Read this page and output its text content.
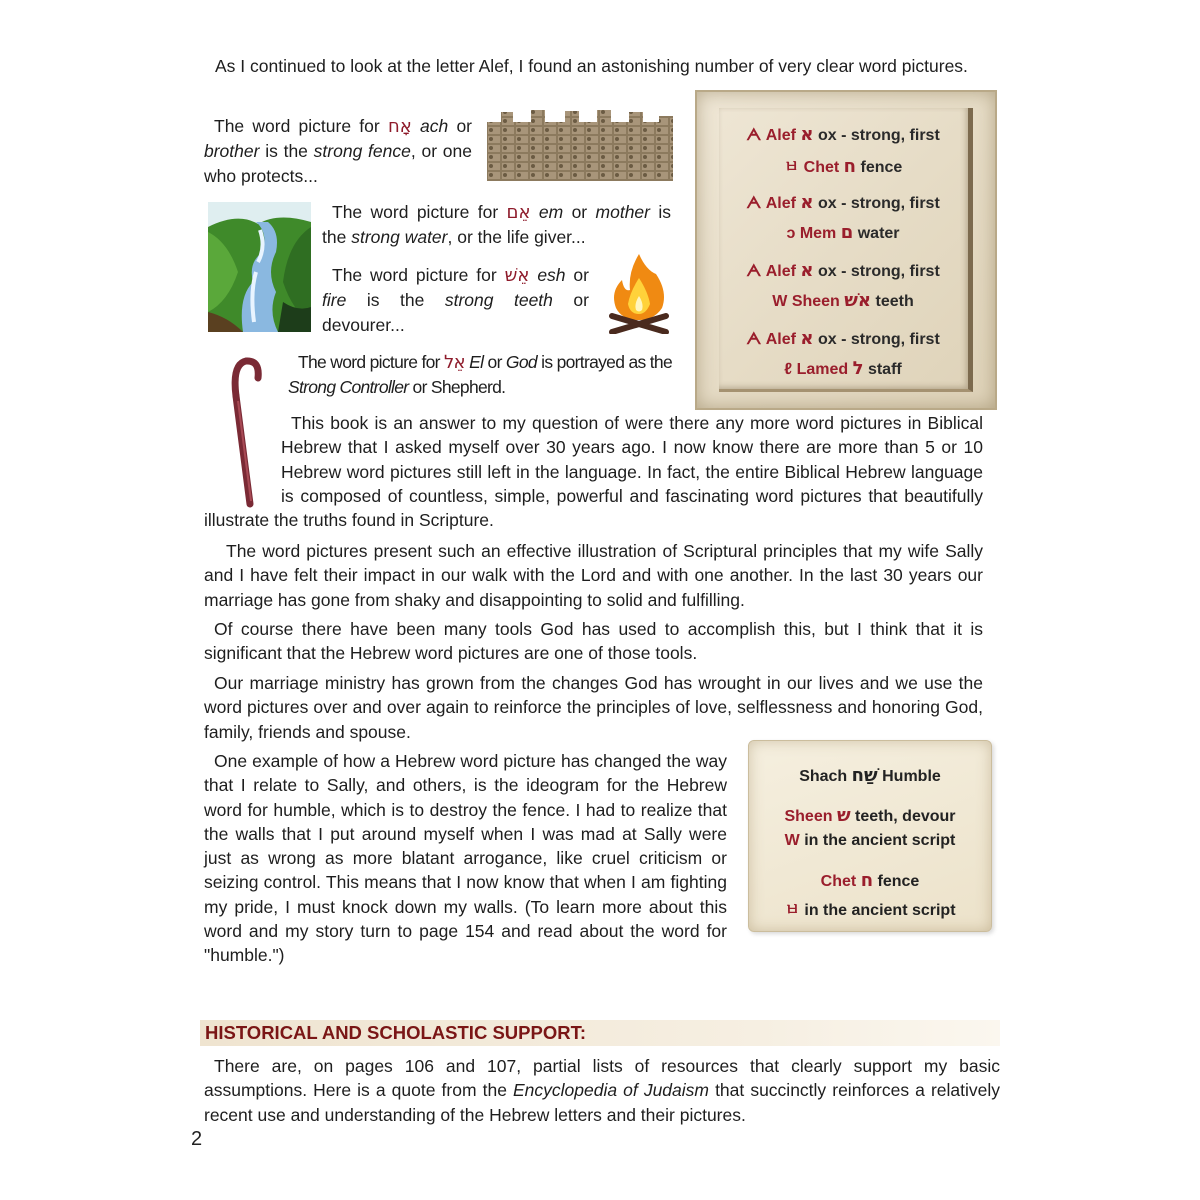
As I continued to look at the letter Alef, I found an astonishing number of very clear word pictures.
The word picture for אָח ach or brother is the strong fence, or one who protects...
ᗅ Alef א ox - strong, first
ㅂ Chet ח fence
ᗅ Alef א ox - strong, first
ɔ Mem ם water
ᗅ Alef א ox - strong, first
W Sheen אשׁ teeth
ᗅ Alef א ox - strong, first
ℓ Lamed ל staff
The word picture for אֵם em or mother is the strong water, or the life giver...
The word picture for אֵשׁ esh or fire is the strong teeth or devourer...
The word picture for אֵל El or God is portrayed as the Strong Controller or Shepherd.
This book is an answer to my question of were there any more word pictures in Biblical Hebrew that I asked myself over 30 years ago. I now know there are more than 5 or 10 Hebrew word pictures still left in the language. In fact, the entire Biblical Hebrew language is composed of countless, simple, powerful and fascinating word pictures that beautifully illustrate the truths found in Scripture.
The word pictures present such an effective illustration of Scriptural principles that my wife Sally and I have felt their impact in our walk with the Lord and with one another. In the last 30 years our marriage has gone from shaky and disappointing to solid and fulfilling.
Of course there have been many tools God has used to accomplish this, but I think that it is significant that the Hebrew word pictures are one of those tools.
Our marriage ministry has grown from the changes God has wrought in our lives and we use the word pictures over and over again to reinforce the principles of love, selflessness and honoring God, family, friends and spouse.
One example of how a Hebrew word picture has changed the way that I relate to Sally, and others, is the ideogram for the Hebrew word for humble, which is to destroy the fence. I had to realize that the walls that I put around myself when I was mad at Sally were just as wrong as more blatant arrogance, like cruel criticism or seizing control. This means that I now know that when I am fighting my pride, I must knock down my walls. (To learn more about this word and my story turn to page 154 and read about the word for "humble.")
Shach שַׁח Humble
Sheen ש teeth, devour
W in the ancient script
Chet ח fence
ㅂ in the ancient script
HISTORICAL AND SCHOLASTIC SUPPORT:
There are, on pages 106 and 107, partial lists of resources that clearly support my basic assumptions. Here is a quote from the Encyclopedia of Judaism that succinctly reinforces a relatively recent use and understanding of the Hebrew letters and their pictures.
2
